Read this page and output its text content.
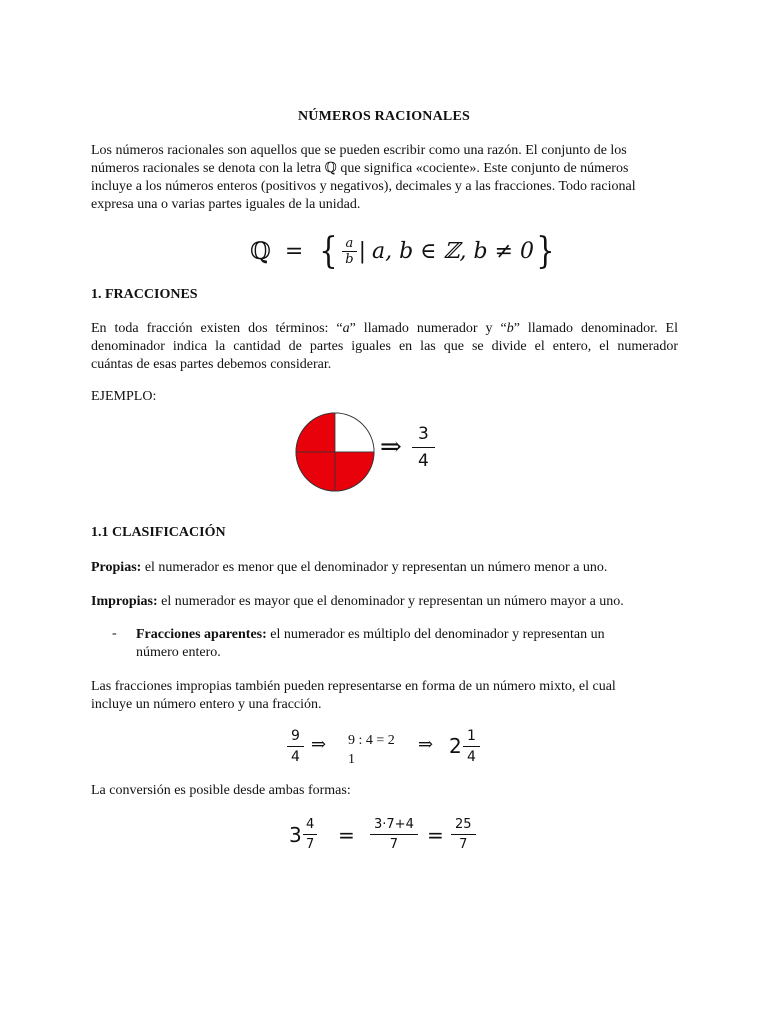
NÚMEROS RACIONALES
Los números racionales son aquellos que se pueden escribir como una razón. El conjunto de los
números racionales se denota con la letra ℚ que significa «cociente». Este conjunto de números
incluye a los números enteros (positivos y negativos), decimales y a las fracciones. Todo racional
expresa una o varias partes iguales de la unidad.
ℚ = { $\frac{a}{b}$ | a, b ∈ ℤ, b ≠ 0 }
1. FRACCIONES
En toda fracción existen dos términos: “a” llamado numerador y “b” llamado denominador. El
denominador indica la cantidad de partes iguales en las que se divide el entero, el numerador
cuántas de esas partes debemos considerar.
EJEMPLO:
⇒ $\frac{3}{4}$
1.1 CLASIFICACIÓN
Propias: el numerador es menor que el denominador y representan un número menor a uno.
Impropias: el numerador es mayor que el denominador y representan un número mayor a uno.
- Fracciones aparentes: el numerador es múltiplo del denominador y representan un
número entero.
Las fracciones impropias también pueden representarse en forma de un número mixto, el cual
incluye un número entero y una fracción.
$\frac{9}{4}$ ⇒ 9 : 4 = 2
1
⇒ $2 \frac{1}{4}$
La conversión es posible desde ambas formas:
$3 \frac{4}{7} = \frac{3\cdot 7+4}{7} = \frac{25}{7}$
